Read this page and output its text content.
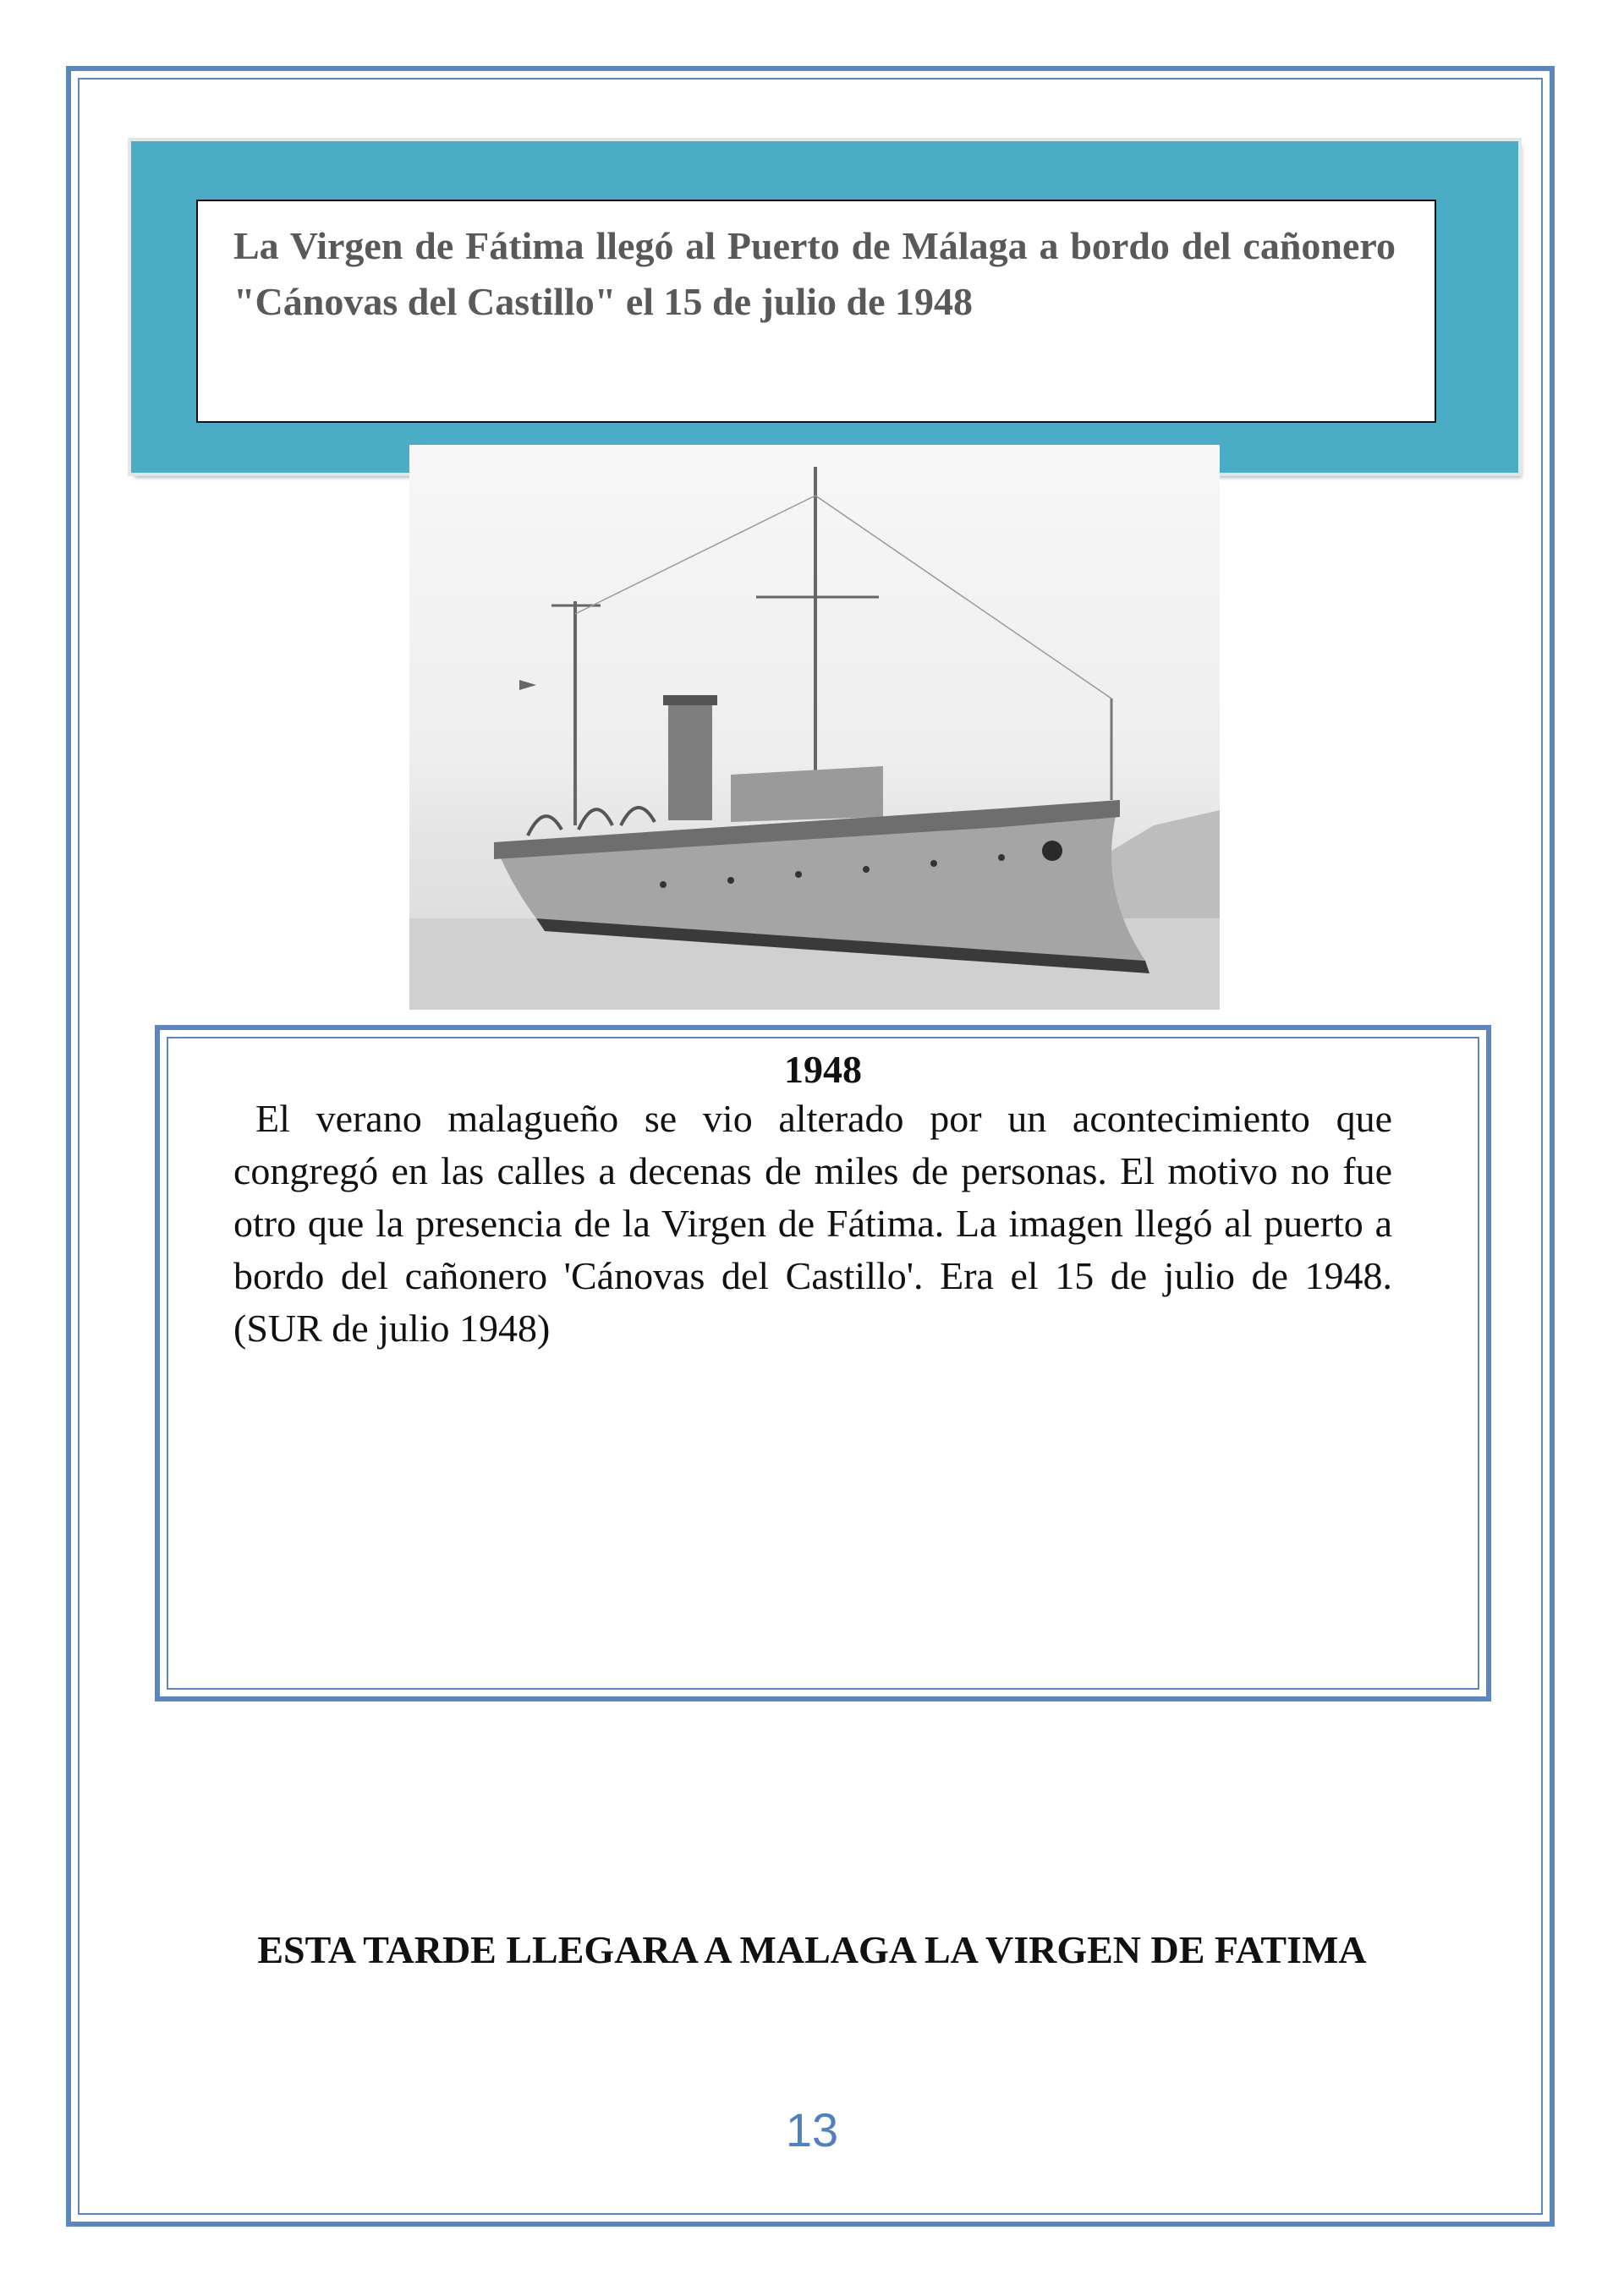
La Virgen de Fátima llegó al Puerto de Málaga a bordo del cañonero "Cánovas del Castillo" el 15 de julio de 1948

1948

El verano malagueño se vio alterado por un acontecimiento que congregó en las calles a decenas de miles de personas. El motivo no fue otro que la presencia de la Virgen de Fátima. La imagen llegó al puerto a bordo del cañonero 'Cánovas del Castillo'. Era el 15 de julio de 1948.(SUR de julio 1948)

ESTA TARDE LLEGARA A MALAGA LA VIRGEN DE FATIMA
13
